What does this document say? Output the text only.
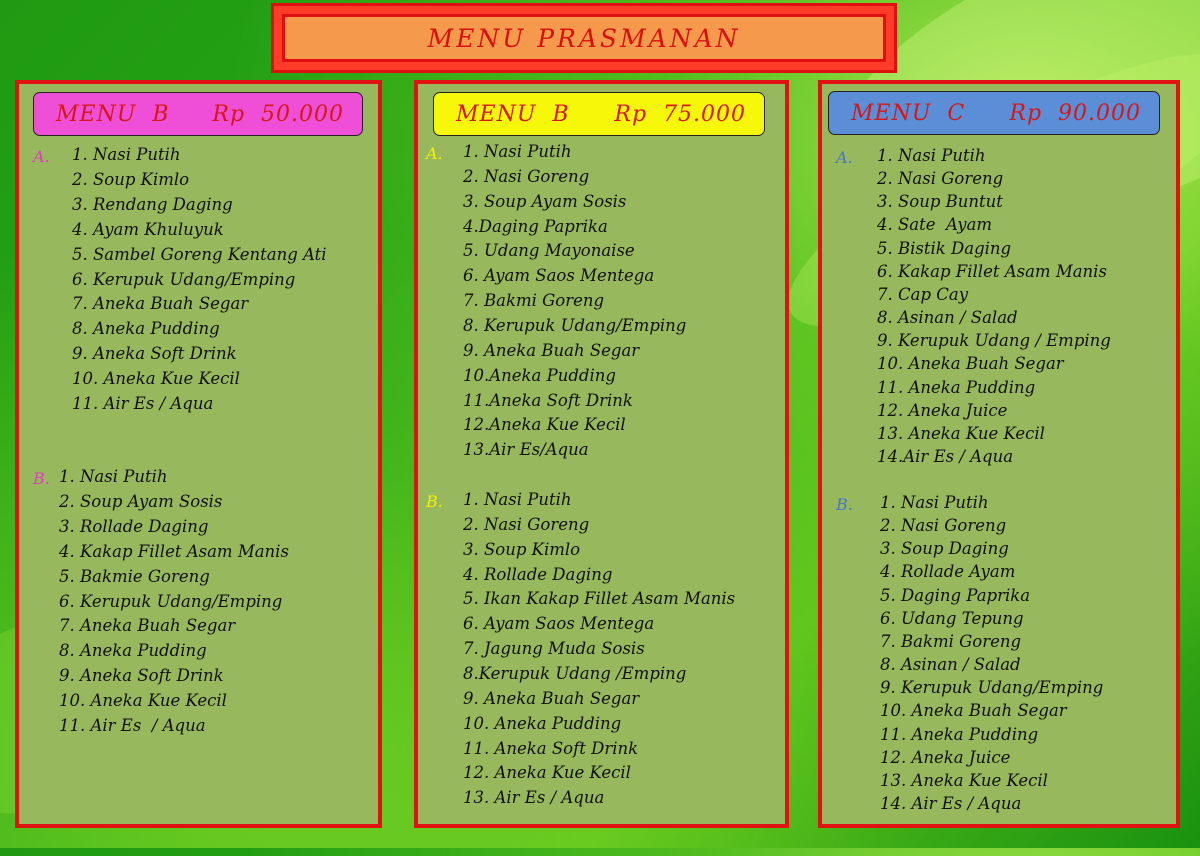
MENU PRASMANAN
MENU  B Rp  50.000
A. 1. Nasi Putih
2. Soup Kimlo
3. Rendang Daging
4. Ayam Khuluyuk
5. Sambel Goreng Kentang Ati
6. Kerupuk Udang/Emping
7. Aneka Buah Segar
8. Aneka Pudding
9. Aneka Soft Drink
10. Aneka Kue Kecil
11. Air Es / Aqua
B. 1. Nasi Putih
2. Soup Ayam Sosis
3. Rollade Daging
4. Kakap Fillet Asam Manis
5. Bakmie Goreng
6. Kerupuk Udang/Emping
7. Aneka Buah Segar
8. Aneka Pudding
9. Aneka Soft Drink
10. Aneka Kue Kecil
11. Air Es  / Aqua
MENU  B Rp  75.000
A. 1. Nasi Putih
2. Nasi Goreng
3. Soup Ayam Sosis
4.Daging Paprika
5. Udang Mayonaise
6. Ayam Saos Mentega
7. Bakmi Goreng
8. Kerupuk Udang/Emping
9. Aneka Buah Segar
10.Aneka Pudding
11.Aneka Soft Drink
12.Aneka Kue Kecil
13.Air Es/Aqua
B. 1. Nasi Putih
2. Nasi Goreng
3. Soup Kimlo
4. Rollade Daging
5. Ikan Kakap Fillet Asam Manis
6. Ayam Saos Mentega
7. Jagung Muda Sosis
8.Kerupuk Udang /Emping
9. Aneka Buah Segar
10. Aneka Pudding
11. Aneka Soft Drink
12. Aneka Kue Kecil
13. Air Es / Aqua
MENU  C Rp  90.000
A. 1. Nasi Putih
2. Nasi Goreng
3. Soup Buntut
4. Sate  Ayam
5. Bistik Daging
6. Kakap Fillet Asam Manis
7. Cap Cay
8. Asinan / Salad
9. Kerupuk Udang / Emping
10. Aneka Buah Segar
11. Aneka Pudding
12. Aneka Juice
13. Aneka Kue Kecil
14.Air Es / Aqua
B. 1. Nasi Putih
2. Nasi Goreng
3. Soup Daging
4. Rollade Ayam
5. Daging Paprika
6. Udang Tepung
7. Bakmi Goreng
8. Asinan / Salad
9. Kerupuk Udang/Emping
10. Aneka Buah Segar
11. Aneka Pudding
12. Aneka Juice
13. Aneka Kue Kecil
14. Air Es / Aqua
